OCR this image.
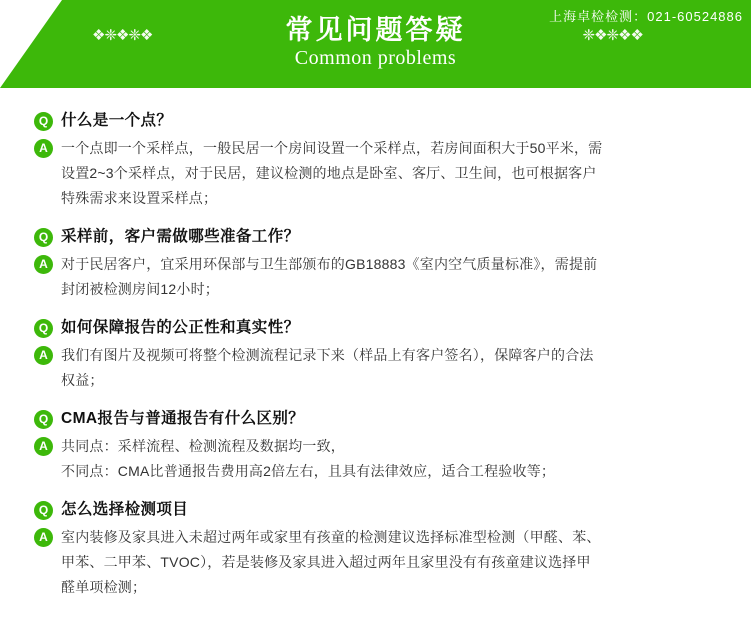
上海卓检检测：021-60524886
常见问题答疑
Common problems
❖❈❖❈❖	❈❖❈❖❖
Q 什么是一个点？
A 一个点即一个采样点，一般民居一个房间设置一个采样点，若房间面积大于50平米，需
设置2~3个采样点，对于民居，建议检测的地点是卧室、客厅、卫生间，也可根据客户
特殊需求来设置采样点；
Q 采样前，客户需做哪些准备工作？
A 对于民居客户，宜采用环保部与卫生部颁布的GB18883《室内空气质量标准》，需提前
封闭被检测房间12小时；
Q 如何保障报告的公正性和真实性？
A 我们有图片及视频可将整个检测流程记录下来（样品上有客户签名），保障客户的合法
权益；
Q CMA报告与普通报告有什么区别？
A 共同点：采样流程、检测流程及数据均一致，
不同点：CMA比普通报告费用高2倍左右，且具有法律效应，适合工程验收等；
Q 怎么选择检测项目
A 室内装修及家具进入未超过两年或家里有孩童的检测建议选择标准型检测（甲醛、苯、
甲苯、二甲苯、TVOC），若是装修及家具进入超过两年且家里没有有孩童建议选择甲
醛单项检测；
